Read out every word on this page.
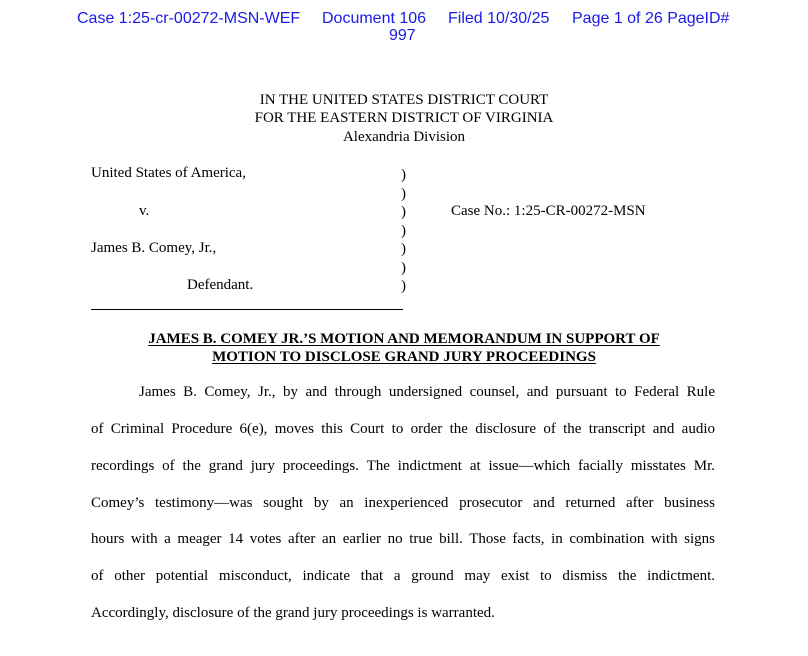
Case 1:25-cr-00272-MSN-WEF Document 106 Filed 10/30/25 Page 1 of 26 PageID#
997
IN THE UNITED STATES DISTRICT COURT
FOR THE EASTERN DISTRICT OF VIRGINIA
Alexandria Division
United States of America,
v.
James B. Comey, Jr.,
Defendant.
Case No.: 1:25-CR-00272-MSN
)
)
)
)
)
)
)
JAMES B. COMEY JR.’S MOTION AND MEMORANDUM IN SUPPORT OF
MOTION TO DISCLOSE GRAND JURY PROCEEDINGS
James B. Comey, Jr., by and through undersigned counsel, and pursuant to Federal Rule
of Criminal Procedure 6(e), moves this Court to order the disclosure of the transcript and audio
recordings of the grand jury proceedings. The indictment at issue—which facially misstates Mr.
Comey’s testimony—was sought by an inexperienced prosecutor and returned after business
hours with a meager 14 votes after an earlier no true bill. Those facts, in combination with signs
of other potential misconduct, indicate that a ground may exist to dismiss the indictment.
Accordingly, disclosure of the grand jury proceedings is warranted.
